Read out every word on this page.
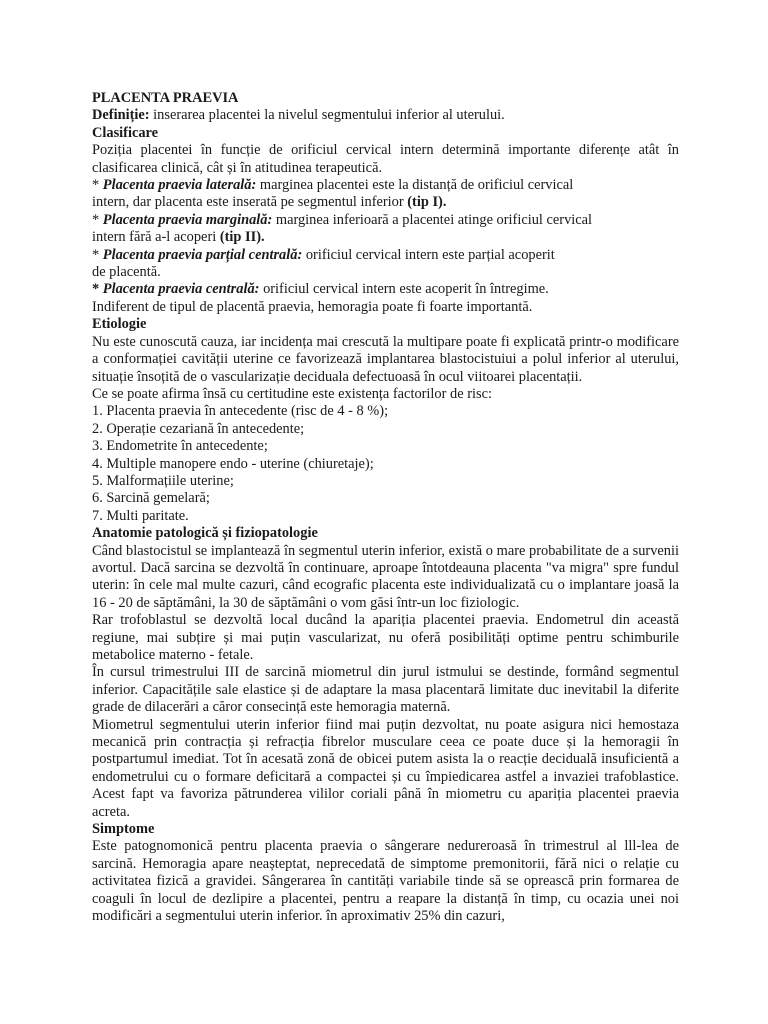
PLACENTA PRAEVIA

Definiție: inserarea placentei la nivelul segmentului inferior al uterului.

Clasificare

Poziția placentei în funcție de orificiul cervical intern determină importante diferențe atât în clasificarea clinică, cât și în atitudinea terapeutică.

* Placenta praevia laterală: marginea placentei este la distanță de orificiul cervical
intern, dar placenta este inserată pe segmentul inferior (tip I).
* Placenta praevia marginală: marginea inferioară a placentei atinge orificiul cervical
intern fără a-l acoperi (tip II).
* Placenta praevia parțial centrală: orificiul cervical intern este parțial acoperit
de placentă.
* Placenta praevia centrală: orificiul cervical intern este acoperit în întregime.
Indiferent de tipul de placentă praevia, hemoragia poate fi foarte importantă.
Etiologie

Nu este cunoscută cauza, iar incidența mai crescută la multipare poate fi explicată printr-o modificare a conformației cavității uterine ce favorizează implantarea blastocistuiui a polul inferior al uterului, situație însoțită de o vascularizație deciduala defectuoasă în ocul viitoarei placentații.

Ce se poate afirma însă cu certitudine este existența factorilor de risc:

1. Placenta praevia în antecedente (risc de 4 - 8 %);
2. Operație cezariană în antecedente;
3. Endometrite în antecedente;
4. Multiple manopere endo - uterine (chiuretaje);
5. Malformațiile uterine;
6. Sarcină gemelară;
7. Multi paritate.
Anatomie patologică și fiziopatologie

Când blastocistul se implantează în segmentul uterin inferior, există o mare probabilitate de a survenii avortul. Dacă sarcina se dezvoltă în continuare, aproape întotdeauna placenta "va migra" spre fundul uterin: în cele mal multe cazuri, când ecografic placenta este individualizată cu o implantare joasă la 16 - 20 de săptămâni, la 30 de săptămâni o vom găsi într-un loc fiziologic.

Rar trofoblastul se dezvoltă local ducând la apariția placentei praevia. Endometrul din această regiune, mai subțire și mai puțin vascularizat, nu oferă posibilități optime pentru schimburile metabolice materno - fetale.

În cursul trimestrului III de sarcină miometrul din jurul istmului se destinde, formând segmentul inferior. Capacitățile sale elastice și de adaptare la masa placentară limitate duc inevitabil la diferite grade de dilacerări a căror consecință este hemoragia maternă.

Miometrul segmentului uterin inferior fiind mai puțin dezvoltat, nu poate asigura nici hemostaza mecanică prin contracția și refracția fibrelor musculare ceea ce poate duce și la hemoragii în postpartumul imediat. Tot în acesată zonă de obicei putem asista la o reacție deciduală insuficientă a endometrului cu o formare deficitară a compactei și cu împiedicarea astfel a invaziei trafoblastice. Acest fapt va favoriza pătrunderea vililor coriali până în miometru cu apariția placentei praevia acreta.

Simptome

Este patognomonică pentru placenta praevia o sângerare nedureroasă în trimestrul al lll-lea de sarcină. Hemoragia apare neașteptat, neprecedată de simptome premonitorii, fără nici o relație cu activitatea fizică a gravidei. Sângerarea în cantități variabile tinde să se oprească prin formarea de coaguli în locul de dezlipire a placentei, pentru a reapare la distanță în timp, cu ocazia unei noi modificări a segmentului uterin inferior. în aproximativ 25% din cazuri,
